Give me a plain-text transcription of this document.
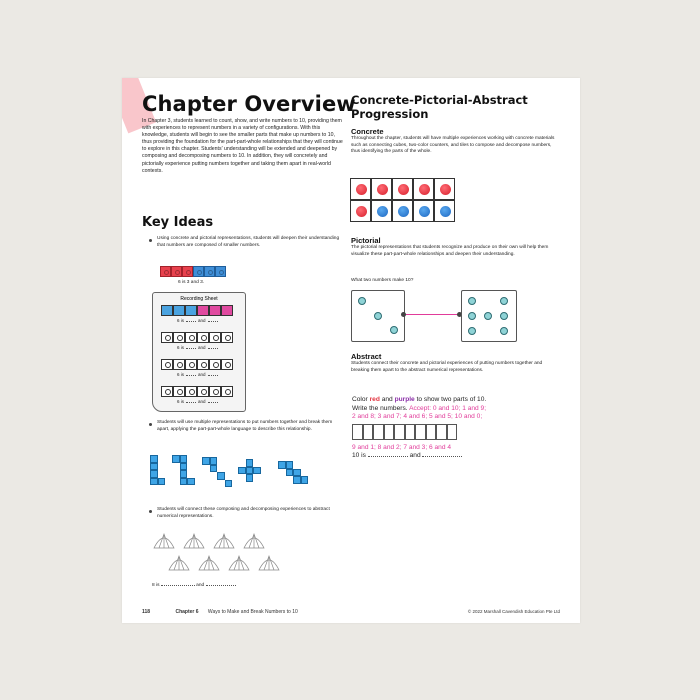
Chapter Overview
In Chapter 3, students learned to count, show, and write numbers to 10, providing them with experiences to represent numbers in a variety of configurations. With this knowledge, students will begin to see the smaller parts that make up numbers to 10, thus providing the foundation for the part-part-whole relationships that they will continue to explore in this chapter. Students' understanding will be extended and deepened by composing and decomposing numbers to 10. In addition, they will concretely and pictorially experience putting numbers together and taking them apart in real-world contexts.
Key Ideas
Using concrete and pictorial representations, students will deepen their understanding that numbers are composed of smaller numbers.
6 is 3 and 3.
Recording Sheet
6 is	and
6 is	and
6 is	and
6 is	and
Students will use multiple representations to put numbers together and break them apart, applying the part-part-whole language to describe this relationship.
Students will connect these composing and decomposing experiences to abstract numerical representations.
8 is	and
Concrete-Pictorial-Abstract
Progression
Concrete
Throughout the chapter, students will have multiple experiences working with concrete materials such as connecting cubes, two-color counters, and tiles to compose and decompose numbers, thus identifying the parts of the whole.
Pictorial
The pictorial representations that students recognize and produce on their own will help them visualize these part-part-whole relationships and deepen their understanding.
What two numbers make 10?
Abstract
Students connect their concrete and pictorial experiences of putting numbers together and breaking them apart to the abstract numerical representations.
Color red and purple to show two parts of 10.
Write the numbers. Accept: 0 and 10; 1 and 9;
2 and 8; 3 and 7; 4 and 6; 5 and 5; 10 and 0;
9 and 1; 8 and 2; 7 and 3; 6 and 4
10 is	and
118	Chapter 6 Ways to Make and Break Numbers to 10	© 2022 Marshall Cavendish Education Pte Ltd
